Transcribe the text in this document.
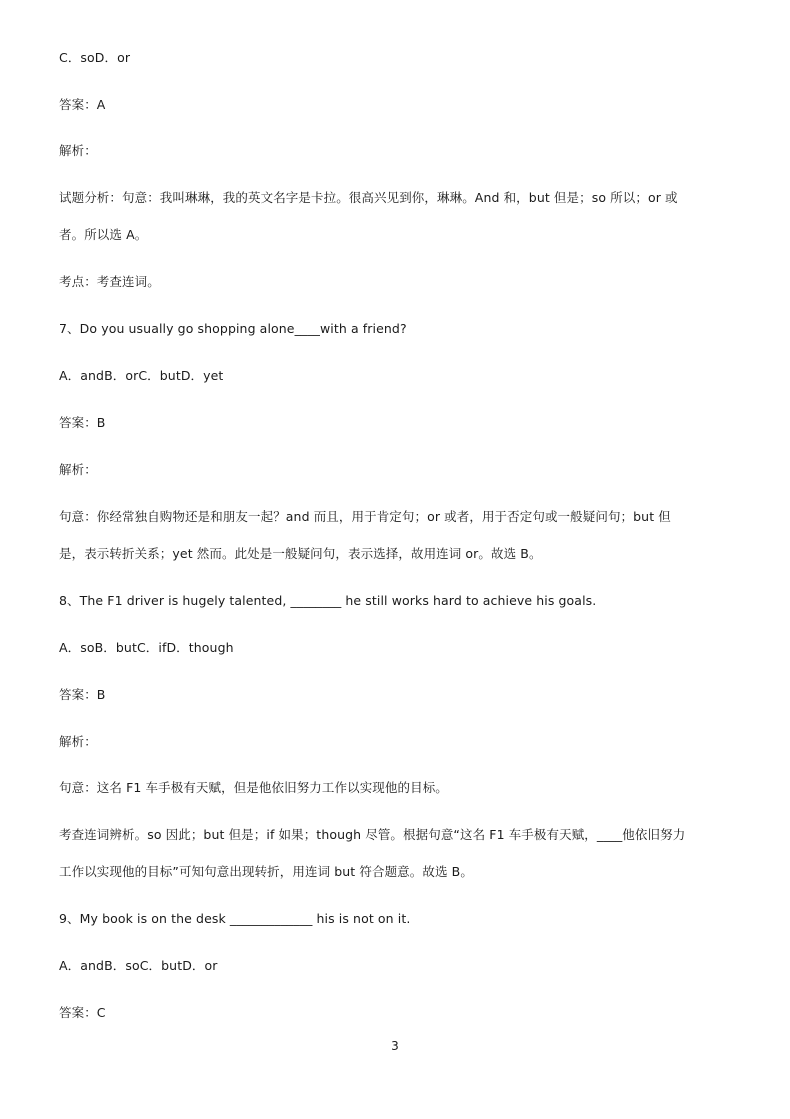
C．soD．or
答案：A
解析：
试题分析：句意：我叫琳琳，我的英文名字是卡拉。很高兴见到你，琳琳。And 和，but 但是；so 所以；or 或
者。所以选 A。
考点：考查连词。
7、Do you usually go shopping alone____with a friend?
A．andB．orC．butD．yet
答案：B
解析：
句意：你经常独自购物还是和朋友一起？and 而且，用于肯定句；or 或者，用于否定句或一般疑问句；but 但
是，表示转折关系；yet 然而。此处是一般疑问句，表示选择，故用连词 or。故选 B。
8、The F1 driver is hugely talented, ________ he still works hard to achieve his goals.
A．soB．butC．ifD．though
答案：B
解析：
句意：这名 F1 车手极有天赋，但是他依旧努力工作以实现他的目标。
考查连词辨析。so 因此；but 但是；if 如果；though 尽管。根据句意“这名 F1 车手极有天赋，____他依旧努力
工作以实现他的目标”可知句意出现转折，用连词 but 符合题意。故选 B。
9、My book is on the desk _____________ his is not on it.
A．andB．soC．butD．or
答案：C
3
